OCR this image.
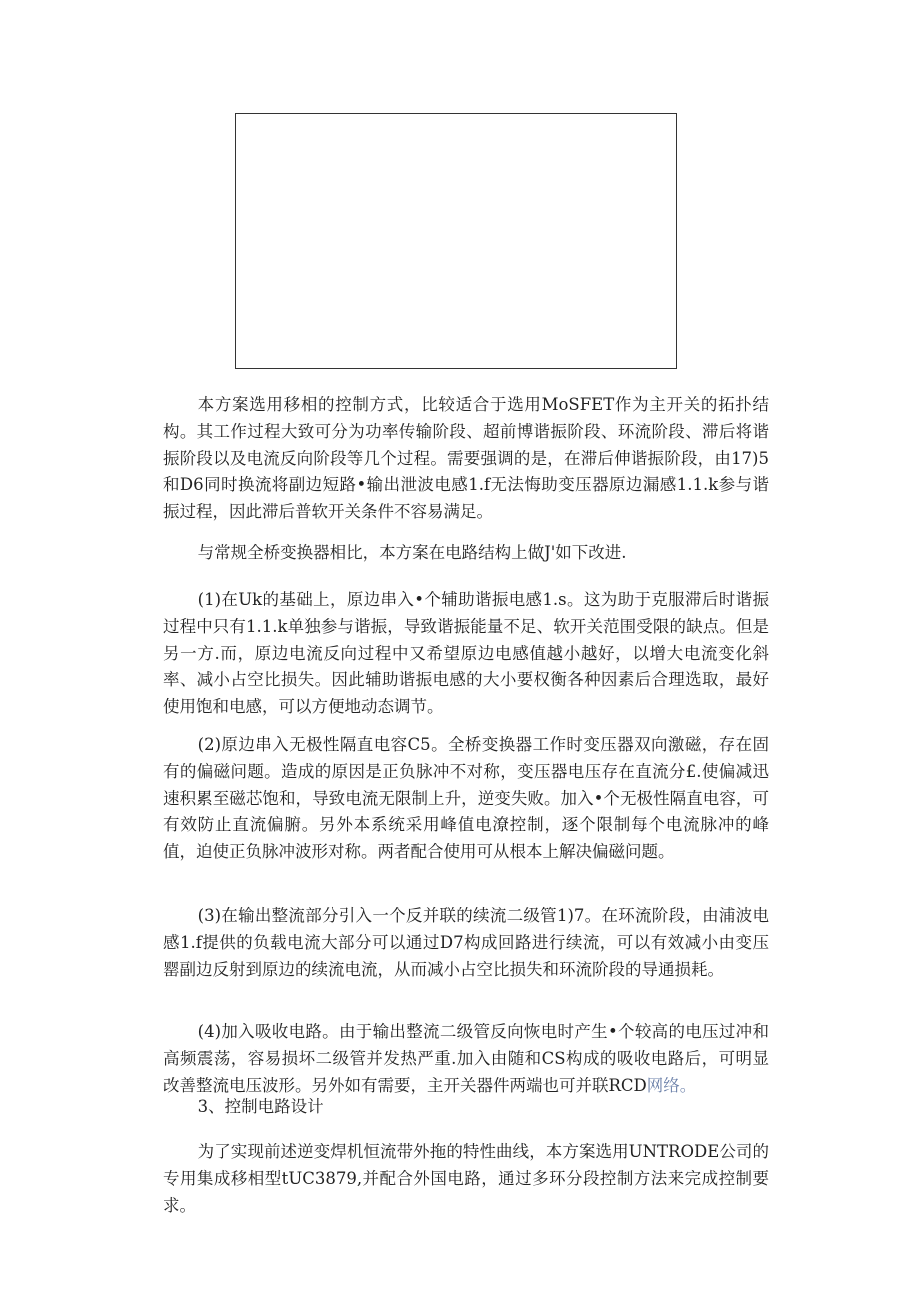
本方案选用移相的控制方式，比较适合于选用MoSFET作为主开关的拓扑结构。其工作过程大致可分为功率传输阶段、超前博谐振阶段、环流阶段、滞后将谐振阶段以及电流反向阶段等几个过程。需要强调的是，在滞后伸谐振阶段，由17)5和D6同时换流将副边短路•输出泄波电感1.f无法悔助变压器原边漏感1.1.k参与谐振过程，因此滞后普软开关条件不容易满足。

与常规全桥变换器相比，本方案在电路结构上做J'如下改进.

(1)在Uk的基础上，原边串入•个辅助谐振电感1.s。这为助于克服滞后时谐振过程中只有1.1.k单独参与谐振，导致谐振能量不足、软开关范围受限的缺点。但是另一方.而，原边电流反向过程中又希望原边电感值越小越好，以增大电流变化斜率、减小占空比损失。因此辅助谐振电感的大小要权衡各种因素后合理选取，最好使用饱和电感，可以方便地动态调节。

(2)原边串入无极性隔直电容C5。全桥变换器工作时变压器双向激磁，存在固有的偏磁问题。造成的原因是正负脉冲不对称，变压器电压存在直流分£.使偏减迅速积累至磁芯饱和，导致电流无限制上升，逆变失败。加入•个无极性隔直电容，可有效防止直流偏腑。另外本系统采用峰值电潦控制，逐个限制每个电流脉冲的峰值，迫使正负脉冲波形对称。两者配合使用可从根本上解决偏磁问题。

(3)在输出整流部分引入一个反并联的续流二级管1)7。在环流阶段，由浦波电感1.f提供的负载电流大部分可以通过D7构成回路进行续流，可以有效减小由变压罂副边反射到原边的续流电流，从而减小占空比损失和环流阶段的导通损耗。

(4)加入吸收电路。由于输出整流二级管反向恢电时产生•个较高的电压过冲和高频震荡，容易损坏二级管并发热严重.加入由随和CS构成的吸收电路后，可明显改善整流电压波形。另外如有需要，主开关器件两端也可并联RCD网络。

3、控制电路设计

为了实现前述逆变焊机恒流带外拖的特性曲线，本方案选用UNTRODE公司的专用集成移相型tUC3879,并配合外国电路，通过多环分段控制方法来完成控制要求。
